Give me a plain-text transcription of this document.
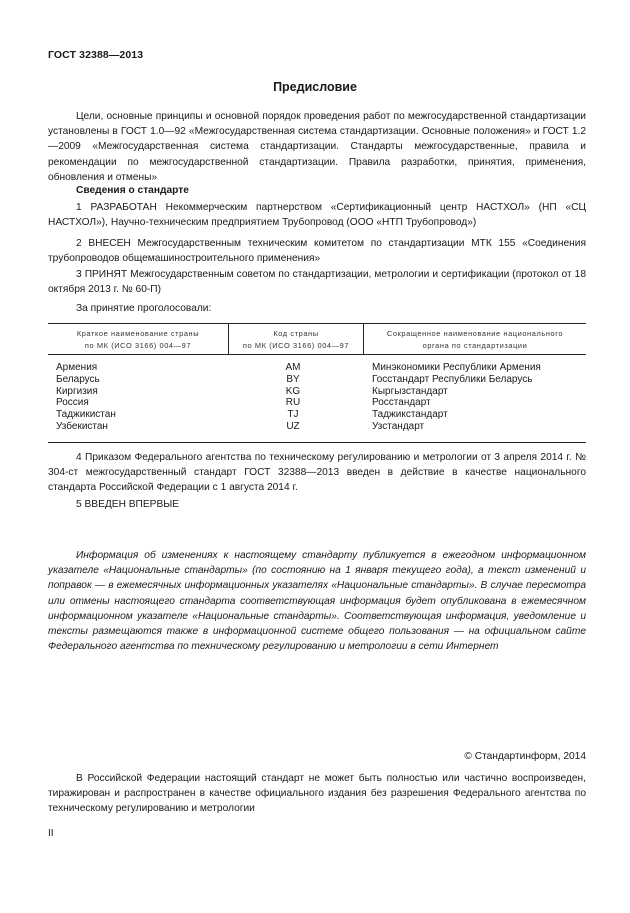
ГОСТ 32388—2013
Предисловие
Цели, основные принципы и основной порядок проведения работ по межгосударственной стандартизации установлены в ГОСТ 1.0—92 «Межгосударственная система стандартизации. Основные положения» и ГОСТ 1.2—2009 «Межгосударственная система стандартизации. Стандарты межгосударственные, правила и рекомендации по межгосударственной стандартизации. Правила разработки, принятия, применения, обновления и отмены»
Сведения о стандарте
1 РАЗРАБОТАН Некоммерческим партнерством «Сертификационный центр НАСТХОЛ» (НП «СЦ НАСТХОЛ»), Научно-техническим предприятием Трубопровод (ООО «НТП Трубопровод»)
2 ВНЕСЕН Межгосударственным техническим комитетом по стандартизации МТК 155 «Соединения трубопроводов общемашиностроительного применения»
3 ПРИНЯТ Межгосударственным советом по стандартизации, метрологии и сертификации (протокол от 18 октября 2013 г. № 60-П)
За принятие проголосовали:
Краткое наименование страны
по МК (ИСО 3166) 004—97
Код страны
по МК (ИСО 3166) 004—97
Сокращенное наименование национального
органа по стандартизации
Армения
Беларусь
Киргизия
Россия
Таджикистан
Узбекистан
AM
BY
KG
RU
TJ
UZ
Минэкономики Республики Армения
Госстандарт Республики Беларусь
Кыргызстандарт
Росстандарт
Таджикстандарт
Узстандарт
4 Приказом Федерального агентства по техническому регулированию и метрологии от 3 апреля 2014 г. № 304-ст межгосударственный стандарт ГОСТ 32388—2013 введен в действие в качестве национального стандарта Российской Федерации с 1 августа 2014 г.
5 ВВЕДЕН ВПЕРВЫЕ
Информация об изменениях к настоящему стандарту публикуется в ежегодном информационном указателе «Национальные стандарты» (по состоянию на 1 января текущего года), а текст изменений и поправок — в ежемесячных информационных указателях «Национальные стандарты». В случае пересмотра или отмены настоящего стандарта соответствующая информация будет опубликована в ежемесячном информационном указателе «Национальные стандарты». Соответствующая информация, уведомление и тексты размещаются также в информационной системе общего пользования — на официальном сайте Федерального агентства по техническому регулированию и метрологии в сети Интернет
© Стандартинформ, 2014
В Российской Федерации настоящий стандарт не может быть полностью или частично воспроизведен, тиражирован и распространен в качестве официального издания без разрешения Федерального агентства по техническому регулированию и метрологии
II
